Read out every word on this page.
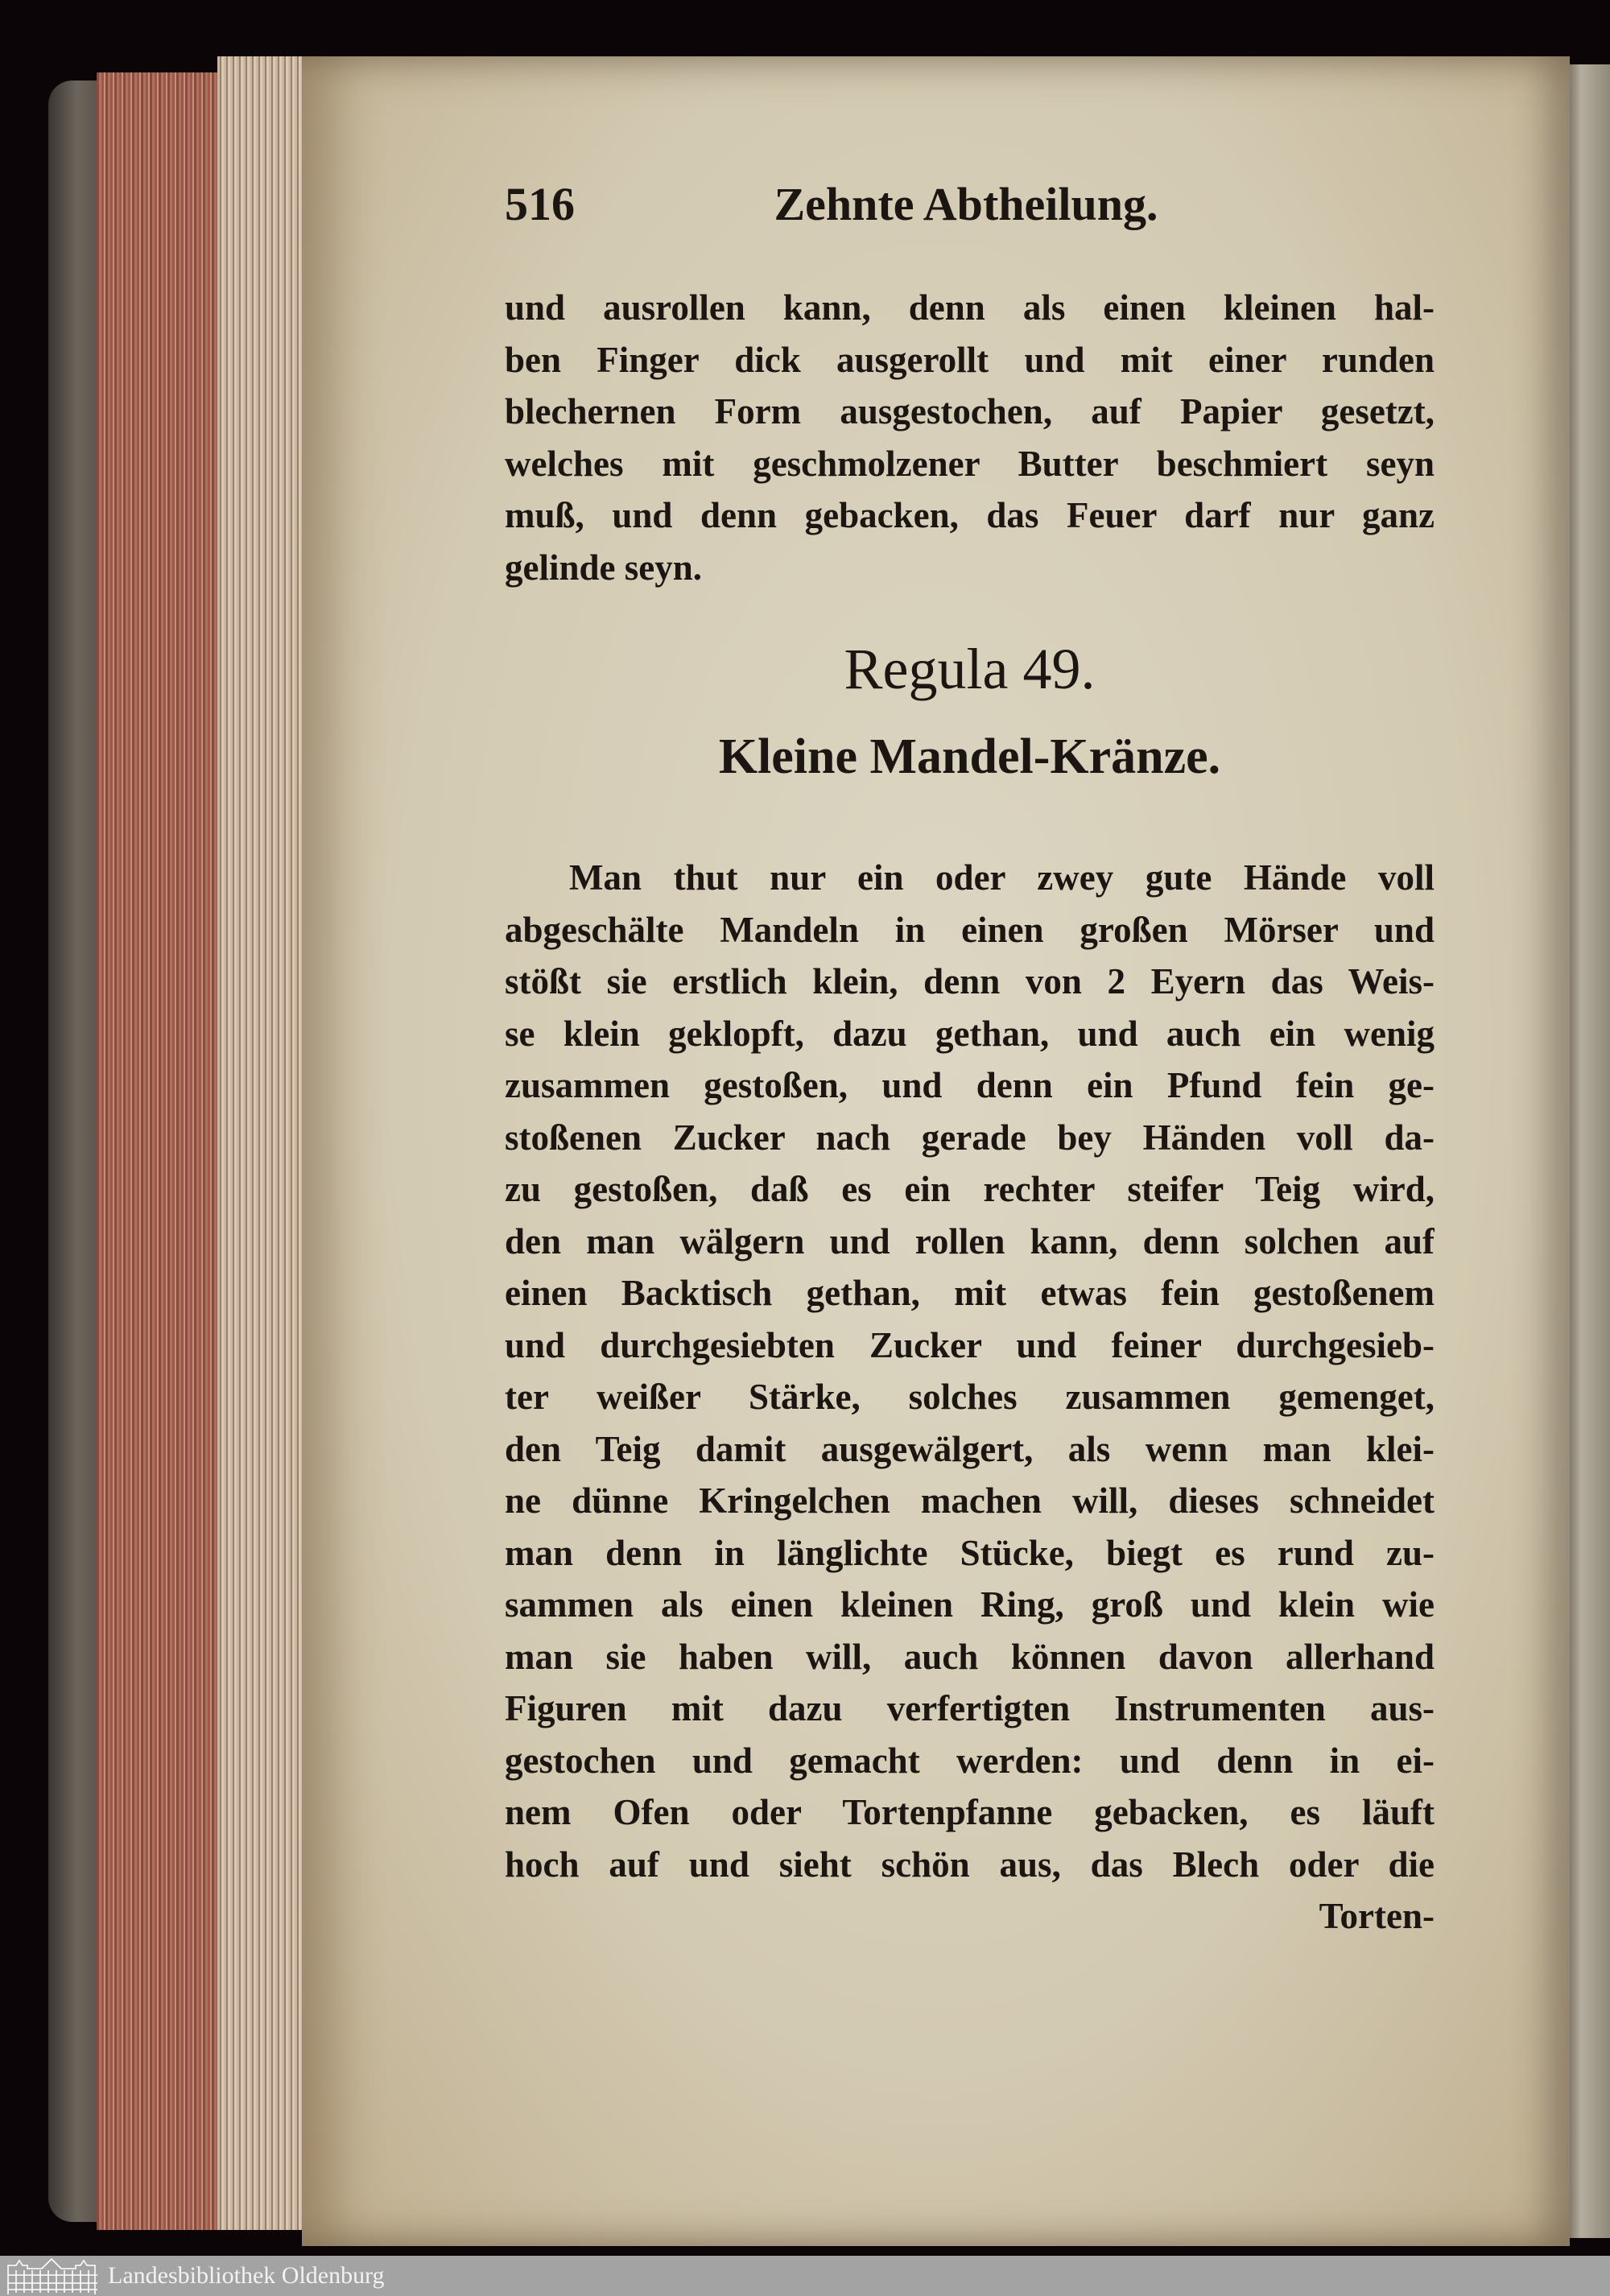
516	Zehnte Abtheilung.
und ausrollen kann, denn als einen kleinen hal-
ben Finger dick ausgerollt und mit einer runden
blechernen Form ausgestochen, auf Papier gesetzt,
welches mit geschmolzener Butter beschmiert seyn
muß, und denn gebacken, das Feuer darf nur ganz
gelinde seyn.
Regula 49.
Kleine Mandel-Kränze.
Man thut nur ein oder zwey gute Hände voll
abgeschälte Mandeln in einen großen Mörser und
stößt sie erstlich klein, denn von 2 Eyern das Weis-
se klein geklopft, dazu gethan, und auch ein wenig
zusammen gestoßen, und denn ein Pfund fein ge-
stoßenen Zucker nach gerade bey Händen voll da-
zu gestoßen, daß es ein rechter steifer Teig wird,
den man wälgern und rollen kann, denn solchen auf
einen Backtisch gethan, mit etwas fein gestoßenem
und durchgesiebten Zucker und feiner durchgesieb-
ter weißer Stärke, solches zusammen gemenget,
den Teig damit ausgewälgert, als wenn man klei-
ne dünne Kringelchen machen will, dieses schneidet
man denn in länglichte Stücke, biegt es rund zu-
sammen als einen kleinen Ring, groß und klein wie
man sie haben will, auch können davon allerhand
Figuren mit dazu verfertigten Instrumenten aus-
gestochen und gemacht werden: und denn in ei-
nem Ofen oder Tortenpfanne gebacken, es läuft
hoch auf und sieht schön aus, das Blech oder die
Torten-
Landesbibliothek Oldenburg
